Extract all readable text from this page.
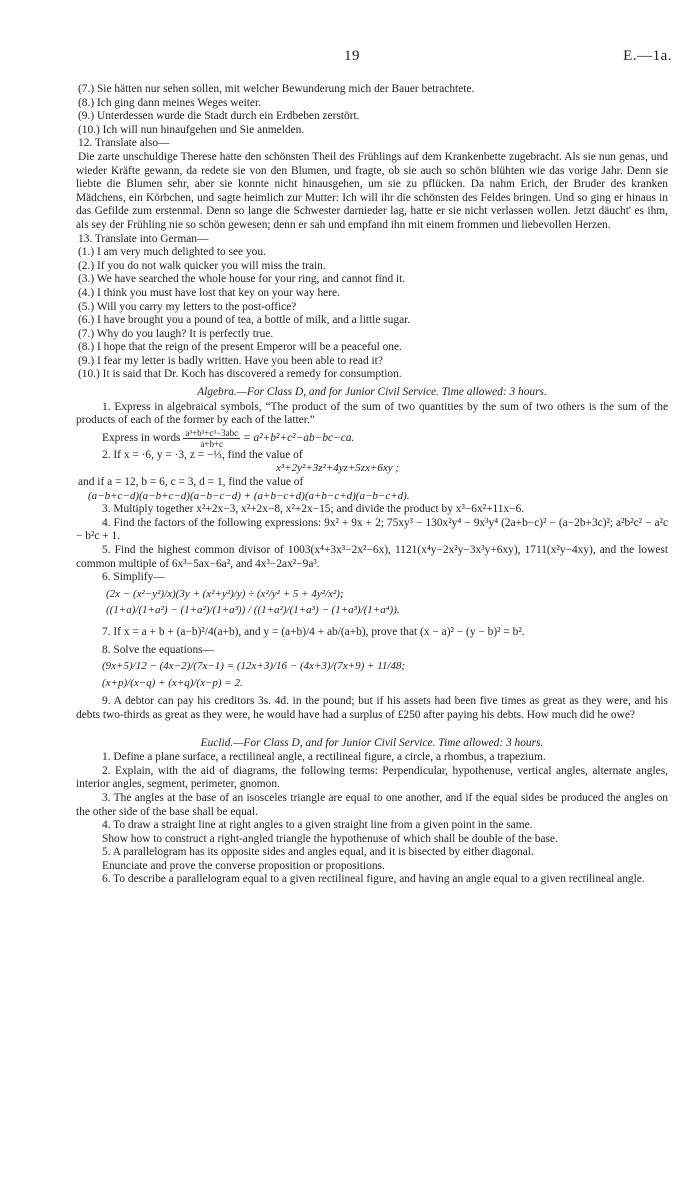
19	E.—1a.

(7.) Sie hätten nur sehen sollen, mit welcher Bewunderung mich der Bauer betrachtete.

(8.) Ich ging dann meines Weges weiter.

(9.) Unterdessen wurde die Stadt durch ein Erdbeben zerstört.

(10.) Ich will nun hinaufgehen und Sie anmelden.

12. Translate also—

Die zarte unschuldige Therese hatte den schönsten Theil des Frühlings auf dem Krankenbette zugebracht. Als sie nun genas, und wieder Kräfte gewann, da redete sie von den Blumen, und fragte, ob sie auch so schön blühten wie das vorige Jahr. Denn sie liebte die Blumen sehr, aber sie konnte nicht hinausgehen, um sie zu pflücken. Da nahm Erich, der Bruder des kranken Mädchens, ein Körbchen, und sagte heimlich zur Mutter: Ich will ihr die schönsten des Feldes bringen. Und so ging er hinaus in das Gefilde zum erstenmal. Denn so lange die Schwester darnieder lag, hatte er sie nicht verlassen wollen. Jetzt däucht' es ihm, als sey der Frühling nie so schön gewesen; denn er sah und empfand ihn mit einem frommen und liebevollen Herzen.

13. Translate into German—

(1.) I am very much delighted to see you.

(2.) If you do not walk quicker you will miss the train.

(3.) We have searched the whole house for your ring, and cannot find it.

(4.) I think you must have lost that key on your way here.

(5.) Will you carry my letters to the post-office?

(6.) I have brought you a pound of tea, a bottle of milk, and a little sugar.

(7.) Why do you laugh? It is perfectly true.

(8.) I hope that the reign of the present Emperor will be a peaceful one.

(9.) I fear my letter is badly written. Have you been able to read it?

(10.) It is said that Dr. Koch has discovered a remedy for consumption.

Algebra.—For Class D, and for Junior Civil Service. Time allowed: 3 hours.

1. Express in algebraical symbols, “The product of the sum of two quantities by the sum of two others is the sum of the products of each of the former by each of the latter.”

Express in words $\frac{\text{a³+b³+c³−3abc}}{a+b+c} = a^2+b^2+c^2-ab-bc-ca$.

2. If x = ·6, y = ·3, z = −⅓, find the value of

x³+2y²+3z²+4yz+5zx+6xy ;

and if a = 12, b = 6, c = 3, d = 1, find the value of

(a−b+c−d)(a−b+c−d)(a−b−c−d) + (a+b−c+d)(a+b−c+d)(a−b−c+d).

3. Multiply together x²+2x−3, x²+2x−8, x²+2x−15; and divide the product by x³−6x²+11x−6.

4. Find the factors of the following expressions: 9x² + 9x + 2; 75xy³ − 130x²y⁴ − 9x³y⁴ (2a+b−c)² − (a−2b+3c)²; a²b²c² − a²c − b²c + 1.

5. Find the highest common divisor of 1003(x⁴+3x³−2x²−6x), 1121(x⁴y−2x²y−3x³y+6xy), 1711(x²y−4xy), and the lowest common multiple of 6x³−5ax−6a², and 4x³−2ax²−9a³.

6. Simplify—

(2x − (x²−y²)/x)(3y + (x²+y²)/y) ÷ (x²/y² + 5 + 4y²/x²);

((1+a)/(1+a²) − (1+a²)/(1+a³)) / ((1+a²)/(1+a³) − (1+a³)/(1+a⁴)).

7. If x = a + b + (a−b)²/4(a+b), and y = (a+b)/4 + ab/(a+b), prove that (x − a)² − (y − b)² = b².

8. Solve the equations—

(9x+5)/12 − (4x−2)/(7x−1) = (12x+3)/16 − (4x+3)/(7x+9) + 11/48;

(x+p)/(x−q) + (x+q)/(x−p) = 2.

9. A debtor can pay his creditors 3s. 4d. in the pound; but if his assets had been five times as great as they were, and his debts two-thirds as great as they were, he would have had a surplus of £250 after paying his debts. How much did he owe?

Euclid.—For Class D, and for Junior Civil Service. Time allowed: 3 hours.

1. Define a plane surface, a rectilineal angle, a rectilineal figure, a circle, a rhombus, a trapezium.

2. Explain, with the aid of diagrams, the following terms: Perpendicular, hypothenuse, vertical angles, alternate angles, interior angles, segment, perimeter, gnomon.

3. The angles at the base of an isosceles triangle are equal to one another, and if the equal sides be produced the angles on the other side of the base shall be equal.

4. To draw a straight line at right angles to a given straight line from a given point in the same.

Show how to construct a right-angled triangle the hypothenuse of which shall be double of the base.

5. A parallelogram has its opposite sides and angles equal, and it is bisected by either diagonal.

Enunciate and prove the converse proposition or propositions.

6. To describe a parallelogram equal to a given rectilineal figure, and having an angle equal to a given rectilineal angle.
